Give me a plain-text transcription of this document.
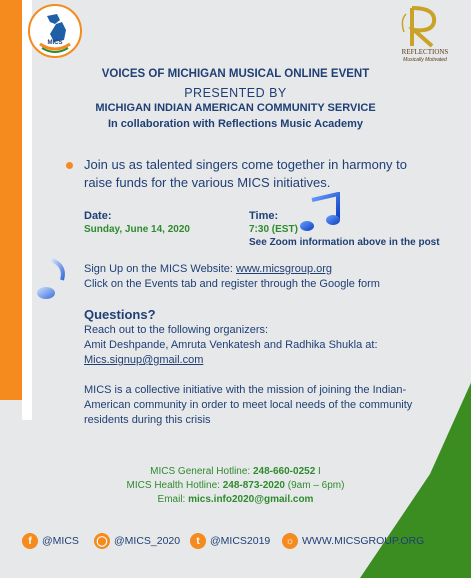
MICS
REFLECTIONS
Musically Motivated
VOICES OF MICHIGAN MUSICAL ONLINE EVENT
PRESENTED BY
MICHIGAN INDIAN AMERICAN COMMUNITY SERVICE
In collaboration with Reflections Music Academy
Join us as talented singers come together in harmony to raise funds for the various MICS initiatives.
Date:
Sunday, June 14, 2020
Time:
7:30 (EST)
See Zoom information above in the post
Sign Up on the MICS Website: www.micsgroup.org
Click on the Events tab and register through the Google form
Questions?
Reach out to the following organizers:
Amit Deshpande, Amruta Venkatesh and Radhika Shukla at:
Mics.signup@gmail.com
MICS is a collective initiative with the mission of joining the Indian-American community in order to meet local needs of the community residents during this crisis
MICS General Hotline: 248-660-0252 I
MICS Health Hotline: 248-873-2020 (9am – 6pm)
Email: mics.info2020@gmail.com
f @MICS ◯ @MICS_2020	t @MICS2019	☼ WWW.MICSGROUP.ORG
